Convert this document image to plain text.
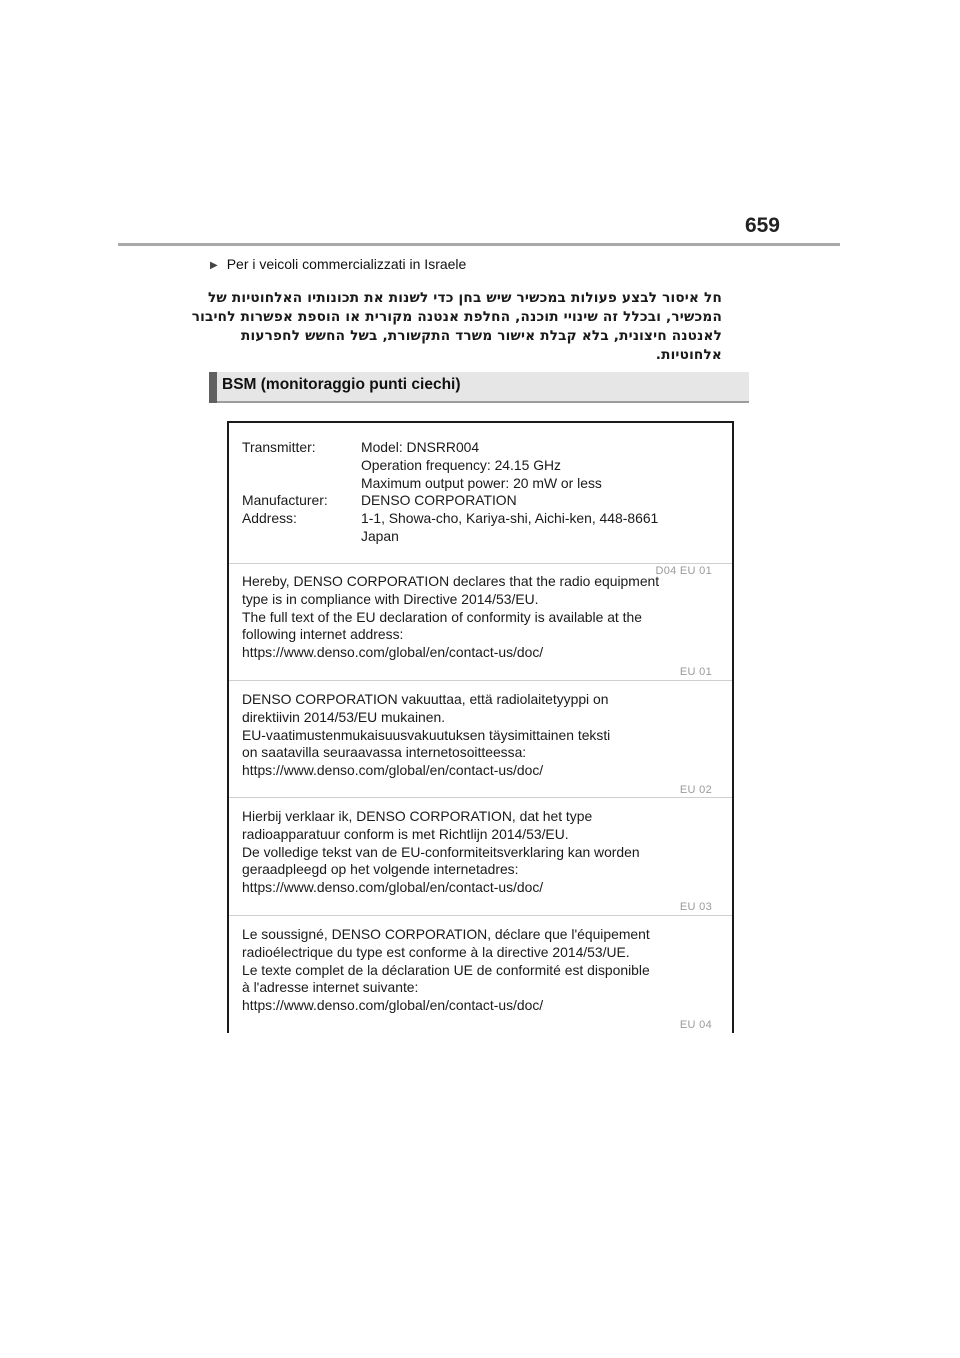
659
▶ Per i veicoli commercializzati in Israele
חל איסור לבצע פעולות במכשיר שיש בחן כדי לשנות את תכונותיו האלחוטיות של
המכשיר, ובכלל זה שינויי תוכנה, החלפת אנטנה מקורית או הוספת אפשרות לחיבור
לאנטנה חיצונית, בלא קבלת אישור משרד התקשורת, בשל החשש לחפרעות
אלחוטיות.
BSM (monitoraggio punti ciechi)
Transmitter:	Model: DNSRR004
Operation frequency: 24.15 GHz
Maximum output power: 20 mW or less
Manufacturer:	DENSO CORPORATION
Address:	1-1, Showa-cho, Kariya-shi, Aichi-ken, 448-8661
Japan
D04 EU 01
Hereby, DENSO CORPORATION declares that the radio equipment
type is in compliance with Directive 2014/53/EU.
The full text of the EU declaration of conformity is available at the
following internet address:
https://www.denso.com/global/en/contact-us/doc/
EU 01
DENSO CORPORATION vakuuttaa, että radiolaitetyyppi on
direktiivin 2014/53/EU mukainen.
EU-vaatimustenmukaisuusvakuutuksen täysimittainen teksti
on saatavilla seuraavassa internetosoitteessa:
https://www.denso.com/global/en/contact-us/doc/
EU 02
Hierbij verklaar ik, DENSO CORPORATION, dat het type
radioapparatuur conform is met Richtlijn 2014/53/EU.
De volledige tekst van de EU-conformiteitsverklaring kan worden
geraadpleegd op het volgende internetadres:
https://www.denso.com/global/en/contact-us/doc/
EU 03
Le soussigné, DENSO CORPORATION, déclare que l'équipement
radioélectrique du type est conforme à la directive 2014/53/UE.
Le texte complet de la déclaration UE de conformité est disponible
à l'adresse internet suivante:
https://www.denso.com/global/en/contact-us/doc/
EU 04
